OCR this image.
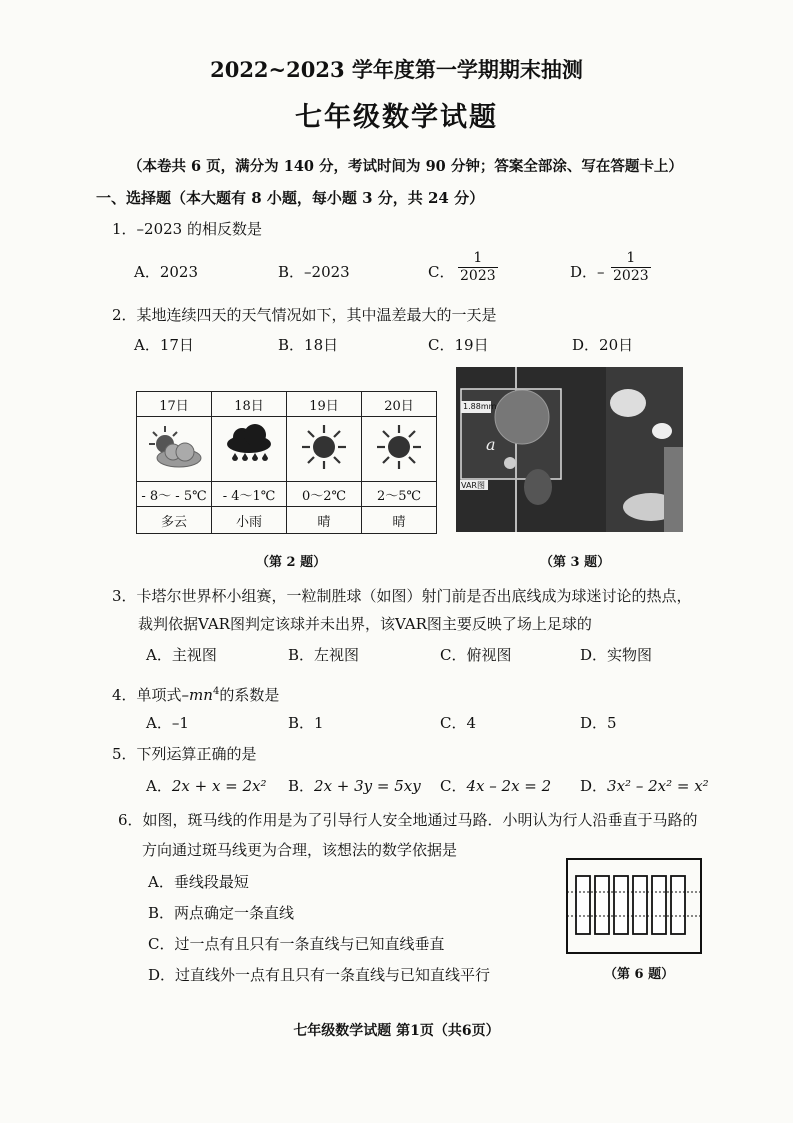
2022~2023 学年度第一学期期末抽测
七年级数学试题
（本卷共 6 页，满分为 140 分，考试时间为 90 分钟；答案全部涂、写在答题卡上）
一、选择题（本大题有 8 小题，每小题 3 分，共 24 分）
1．–2023 的相反数是
A．2023	B．–2023	C． $\frac{1}{2023}$	D．– $\frac{1}{2023}$
2．某地连续四天的天气情况如下，其中温差最大的一天是
A．17日	B．18日	C．19日	D．20日
17日	18日	19日	20日

- 8～ - 5℃	- 4～1℃	0～2℃	2～5℃
多云	小雨	晴	晴
（第 2 题）
1.88mm
VAR图
a
（第 3 题）
3．卡塔尔世界杯小组赛，一粒制胜球（如图）射门前是否出底线成为球迷讨论的热点，
裁判依据VAR图判定该球并未出界，该VAR图主要反映了场上足球的
A．主视图	B．左视图	C．俯视图	D．实物图
4．单项式$-mn^4$的系数是
A．–1	B．1	C．4	D．5
5．下列运算正确的是
A．2x + x = 2x² B．2x + 3y = 5xy C．4x – 2x = 2 D．3x² – 2x² = x²
6．如图，斑马线的作用是为了引导行人安全地通过马路．小明认为行人沿垂直于马路的
方向通过斑马线更为合理，该想法的数学依据是
A．垂线段最短
B．两点确定一条直线
C．过一点有且只有一条直线与已知直线垂直
D．过直线外一点有且只有一条直线与已知直线平行	（第 6 题）
七年级数学试题 第1页（共6页）
